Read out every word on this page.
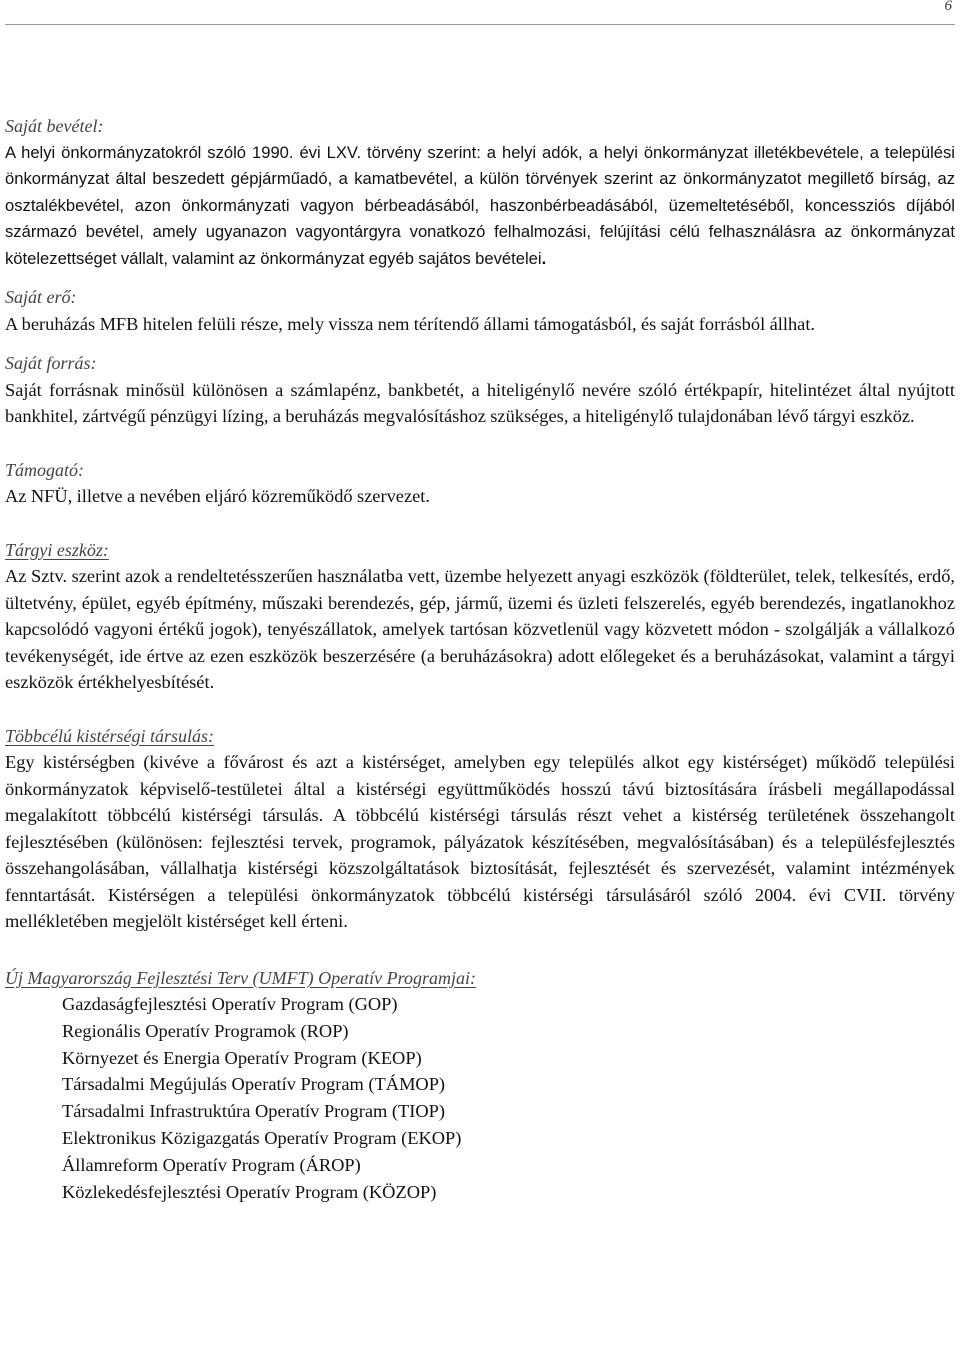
6

Saját bevétel:

A helyi önkormányzatokról szóló 1990. évi LXV. törvény szerint: a helyi adók, a helyi önkormányzat illetékbevétele, a települési önkormányzat által beszedett gépjárműadó, a kamatbevétel, a külön törvények szerint az önkormányzatot megillető bírság, az osztalékbevétel, azon önkormányzati vagyon bérbeadásából, haszonbérbeadásából, üzemeltetéséből, koncessziós díjából származó bevétel, amely ugyanazon vagyontárgyra vonatkozó felhalmozási, felújítási célú felhasználásra az önkormányzat kötelezettséget vállalt, valamint az önkormányzat egyéb sajátos bevételei.

Saját erő:

A beruházás MFB hitelen felüli része, mely vissza nem térítendő állami támogatásból, és saját forrásból állhat.

Saját forrás:

Saját forrásnak minősül különösen a számlapénz, bankbetét, a hiteligénylő nevére szóló értékpapír, hitelintézet által nyújtott bankhitel, zártvégű pénzügyi lízing, a beruházás megvalósításhoz szükséges, a hiteligénylő tulajdonában lévő tárgyi eszköz.

Támogató:

Az NFÜ, illetve a nevében eljáró közreműködő szervezet.

Tárgyi eszköz:

Az Sztv. szerint azok a rendeltetésszerűen használatba vett, üzembe helyezett anyagi eszközök (földterület, telek, telkesítés, erdő, ültetvény, épület, egyéb építmény, műszaki berendezés, gép, jármű, üzemi és üzleti felszerelés, egyéb berendezés, ingatlanokhoz kapcsolódó vagyoni értékű jogok), tenyészállatok, amelyek tartósan közvetlenül vagy közvetett módon - szolgálják a vállalkozó tevékenységét, ide értve az ezen eszközök beszerzésére (a beruházásokra) adott előlegeket és a beruházásokat, valamint a tárgyi eszközök értékhelyesbítését.

Többcélú kistérségi társulás:

Egy kistérségben (kivéve a fővárost és azt a kistérséget, amelyben egy település alkot egy kistérséget) működő települési önkormányzatok képviselő-testületei által a kistérségi együttműködés hosszú távú biztosítására írásbeli megállapodással megalakított többcélú kistérségi társulás. A többcélú kistérségi társulás részt vehet a kistérség területének összehangolt fejlesztésében (különösen: fejlesztési tervek, programok, pályázatok készítésében, megvalósításában) és a településfejlesztés összehangolásában, vállalhatja kistérségi közszolgáltatások biztosítását, fejlesztését és szervezését, valamint intézmények fenntartását. Kistérségen a települési önkormányzatok többcélú kistérségi társulásáról szóló 2004. évi CVII. törvény mellékletében megjelölt kistérséget kell érteni.

Új Magyarország Fejlesztési Terv (UMFT) Operatív Programjai:

Gazdaságfejlesztési Operatív Program (GOP)
Regionális Operatív Programok (ROP)
Környezet és Energia Operatív Program (KEOP)
Társadalmi Megújulás Operatív Program (TÁMOP)
Társadalmi Infrastruktúra Operatív Program (TIOP)
Elektronikus Közigazgatás Operatív Program (EKOP)
Államreform Operatív Program (ÁROP)
Közlekedésfejlesztési Operatív Program (KÖZOP)
